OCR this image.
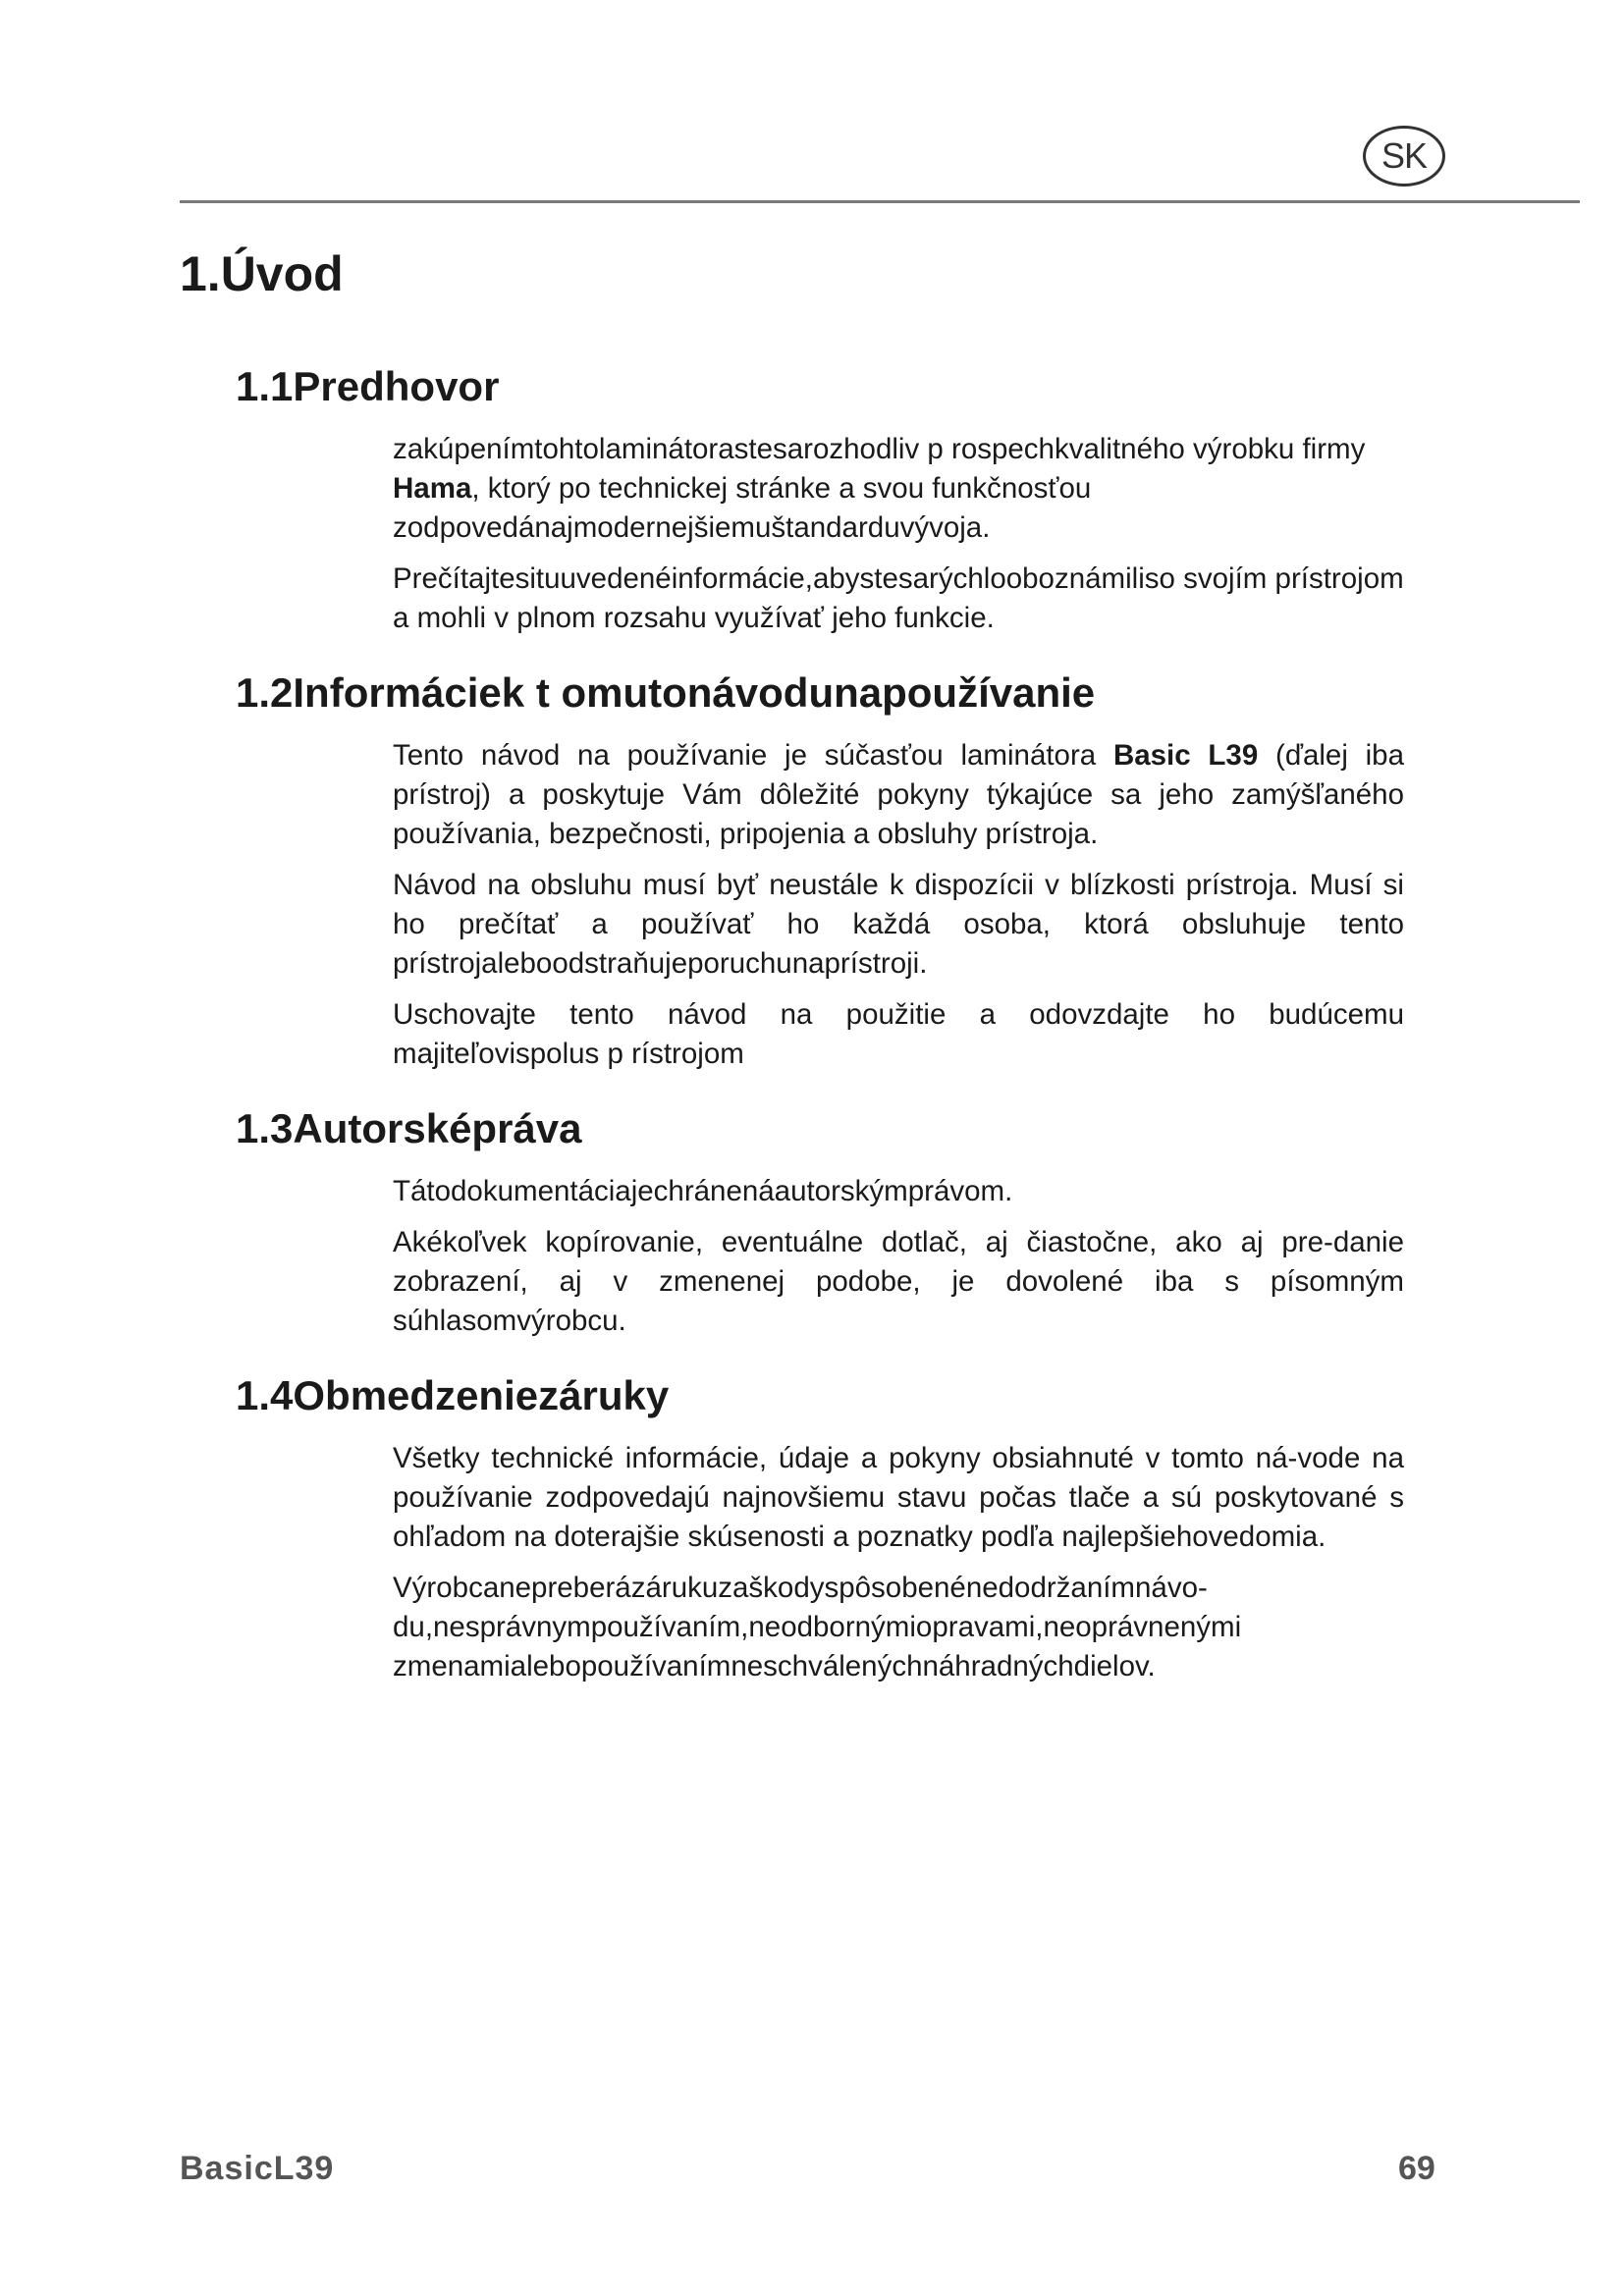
SK
1.Úvod
1.1Predhovor

zakúpenímtohtolaminátorastesarozhodliv p rospechkvalitného výrobku firmy Hama, ktorý po technickej stránke a svou funkčnosťou zodpovedánajmodernejšiemuštandarduvývoja.

Prečítajtesituuvedenéinformácie,abystesarýchlooboznámiliso svojím prístrojom a mohli v plnom rozsahu využívať jeho funkcie.

1.2Informáciek t omutonávodunapoužívanie

Tento návod na používanie je súčasťou laminátora Basic L39 (ďalej iba prístroj) a poskytuje Vám dôležité pokyny týkajúce sa jeho zamýšľaného používania, bezpečnosti, pripojenia a obsluhy prístroja.

Návod na obsluhu musí byť neustále k dispozícii v blízkosti prístroja. Musí si ho prečítať a používať ho každá osoba, ktorá obsluhuje tento prístrojaleboodstraňujeporuchunaprístroji.

Uschovajte tento návod na použitie a odovzdajte ho budúcemu majiteľovispolus p rístrojom

1.3Autorsképráva

Tátodokumentáciajechránenáautorskýmprávom.

Akékoľvek kopírovanie, eventuálne dotlač, aj čiastočne, ako aj pre-danie zobrazení, aj v zmenenej podobe, je dovolené iba s písomným súhlasomvýrobcu.

1.4Obmedzeniezáruky

Všetky technické informácie, údaje a pokyny obsiahnuté v tomto ná-vode na používanie zodpovedajú najnovšiemu stavu počas tlače a sú poskytované s ohľadom na doterajšie skúsenosti a poznatky podľa najlepšiehovedomia.

Výrobcanepreberázárukuzaškodyspôsobenénedodržanímnávo-du,nesprávnympoužívaním,neodbornýmiopravami,neoprávnenými zmenamialebopoužívanímneschválenýchnáhradnýchdielov.

BasicL39	69
